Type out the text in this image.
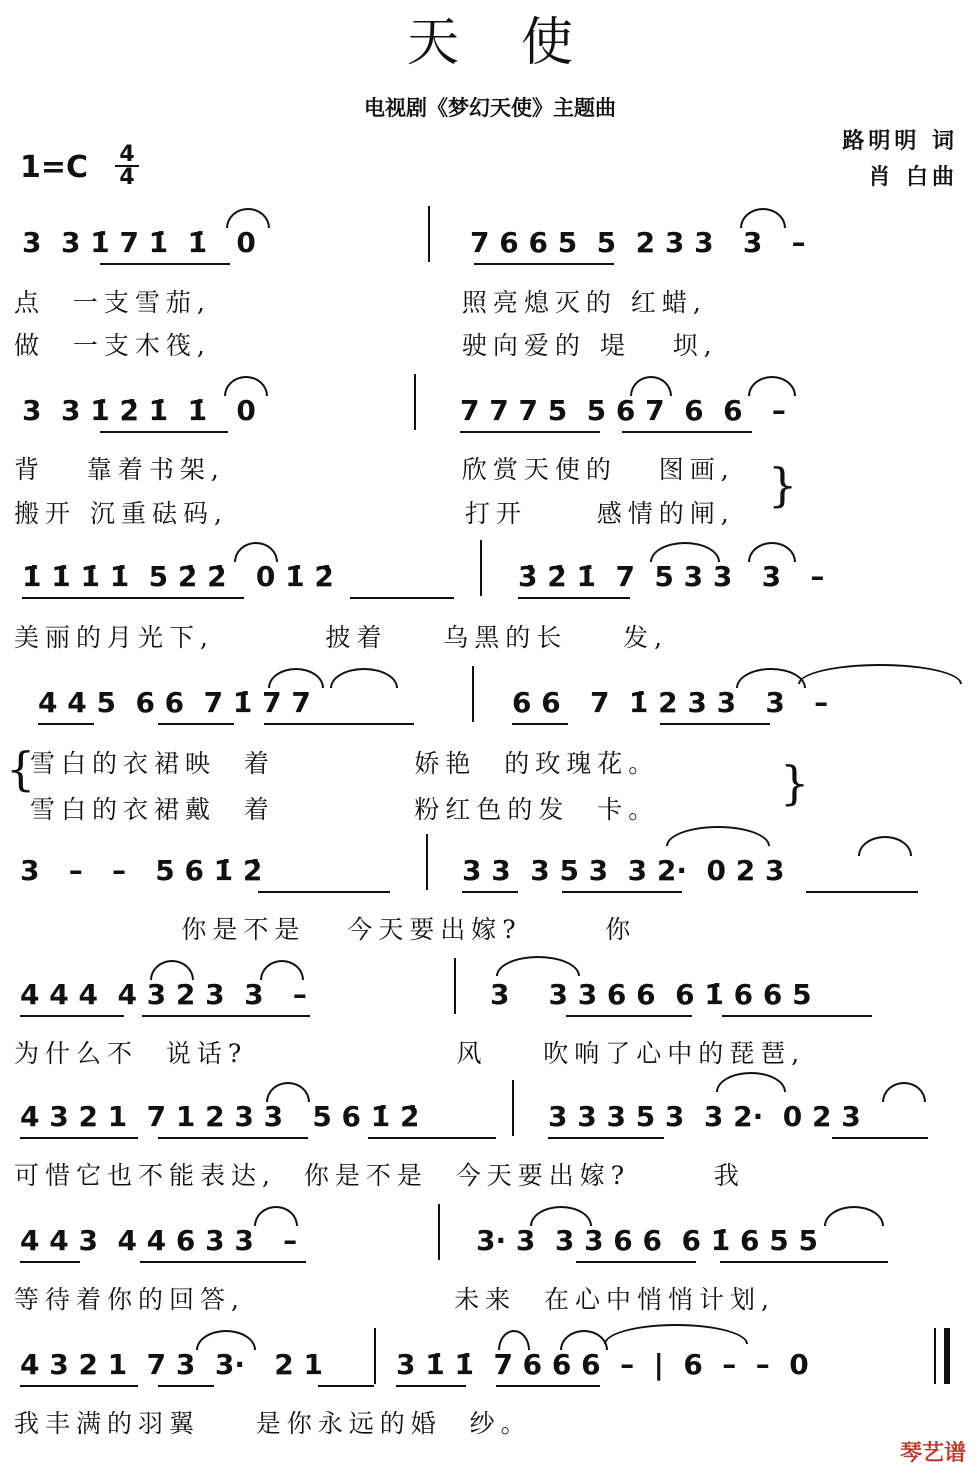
天使
电视剧《梦幻天使》主题曲
1=C	4
4
路明明 词
肖 白曲
3  3 1̇ 7 1̇  1̇   0	7 6 6 5  5  2 3 3   3   –
点  一支雪茄,                  照亮熄灭的 红蜡,
做  一支木筏,                  驶向爱的 堤   坝,
3  3 1̇ 2̇ 1̇  1̇   0	7 7 7 5  5 6 7  6  6   –
背   靠着书架,                 欣赏天使的   图画,
搬开 沉重砝码,                 打开     感情的闸,
}
1̇ 1̇ 1̇ 1̇  5 2̇ 2̇   0 1̇ 2̇	3̇ 2̇ 1̇  7  5 3 3   3   –
美丽的月光下,        披着    乌黑的长    发,
4 4 5  6 6  7 1̇ 7 7	6 6   7  1̇ 2 3 3   3   –
{
雪白的衣裙映  着          娇艳  的玫瑰花。
雪白的衣裙戴  着          粉红色的发  卡。	}
3   –   –   5 6 1̇ 2̇	3 3  3 5 3  3 2·  0 2 3
你是不是   今天要出嫁?      你
4 4 4  4 3 2 3  3   –	3    3 3 6 6  6 1̇ 6 6 5
为什么不  说话?               风    吹响了心中的琵琶,
4 3 2 1  7 1 2 3 3   5 6 1̇ 2̇	3 3 3 5 3  3 2·  0 2 3
可惜它也不能表达,  你是不是  今天要出嫁?      我
4 4 3  4 4 6 3 3   –	3· 3  3 3 6 6  6 1̇ 6 5 5
等待着你的回答,               未来  在心中悄悄计划,
4 3 2 1  7 3  3·   2 1	3 1̇ 1̇  7 6 6 6  –  |  6  –  –  0
我丰满的羽翼    是你永远的婚  纱。
琴艺谱
